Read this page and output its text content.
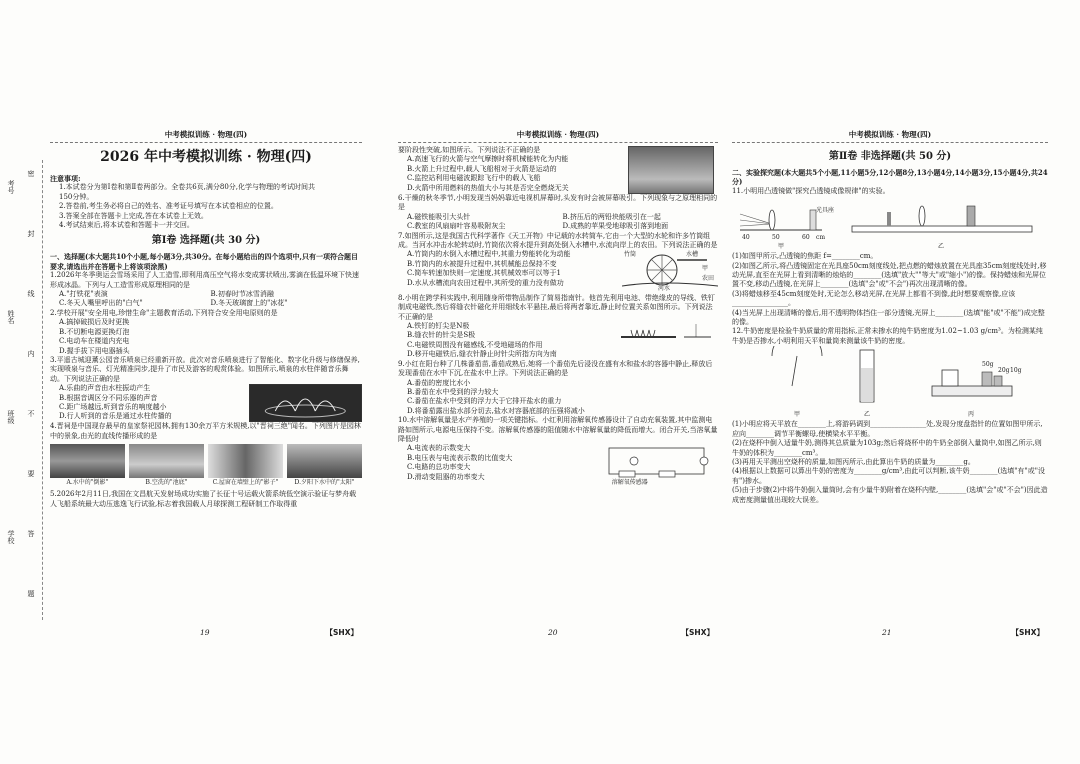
学校
班级
姓名
考号
密
封
线
内
不
要
答
题
中考模拟训练 · 物理(四)
2026 年中考模拟训练 · 物理(四)

注意事项:

1.本试卷分为第Ⅰ卷和第Ⅱ卷两部分。全卷共6页,满分80分,化学与物理的考试时间共

150分钟。

2.答卷前,考生务必将自己的姓名、准考证号填写在本试卷相应的位置。

3.答案全部在答题卡上完成,答在本试卷上无效。

4.考试结束后,将本试卷和答题卡一并交回。

第Ⅰ卷 选择题(共 30 分)

一、选择题(本大题共10个小题,每小题3分,共30分。在每小题给出的四个选项中,只有一项符合题目要求,请选出并在答题卡上将该项涂黑)

1.2026年冬季奥运会雪场采用了人工造雪,即利用高压空气将水变成雾状喷出,雾滴在低温环境下快速形成冰晶。下列与人工造雪形成原理相同的是

A."打铁花"表演	B.初春时节冰雪消融
C.冬天人嘴里呼出的"白气"	D.冬天玻璃窗上的"冰花"

2.学校开展"安全用电,珍惜生命"主题教育活动,下列符合安全用电原则的是

A.搞掉破损后及时更换
B.不切断电源更换灯泡
C.电动车在楼道内充电
D.握手拔下用电器插头

3.平遥古城迎薰公园音乐喷泉已经重新开放。此次对音乐喷泉进行了智能化、数字化升级与修缮保养,实现喷泉与音乐、灯光精准同步,提升了市民及游客的观赏体验。如图所示,喷泉的水柱伴随音乐舞动。下列说法正确的是

A.乐曲的声音由水柱振动产生
B.根据音调区分不同乐器的声音
C.距广场越远,听到音乐的响度越小
D.行人听到的音乐是通过水柱传播的

4.晋祠是中国现存最早的皇家祭祀园林,拥有130余万平方米规模,以"晋祠三绝"闻名。下列图片是园林中的景象,由光的直线传播形成的是

A.水中的"倒影"	B.空洗的"池底"	C.屋窗在墙壁上的"影子"	D.夕阳下水中的"太阳"

5.2026年2月11日,我国在文昌航天发射场成功实施了长征十号运载火箭系统低空演示验证与梦舟载人飞船系统最大动压逃逸飞行试验,标志着我国载人月球探测工程研制工作取得重

19	【SHX】
中考模拟训练 · 物理(四)

要阶段性突破,如图所示。下列说法不正确的是

A.高速飞行的火箭与空气摩擦时将机械能转化为内能

B.火箭上升过程中,载人飞船相对于火箭是运动的

C.监控站利用电磁波跟踪飞行中的载人飞船

D.火箭中所用燃料的热值大小与其是否完全燃烧无关

6.干燥的秋冬季节,小明发现当妈妈靠近电视机屏幕时,头发有时会被屏幕吸引。下列现象与之原理相同的是

A.磁铁能吸引大头针	B.挤压后的两铅块能吸引在一起
C.教室的风扇扇叶容易吸附灰尘	D.成熟的苹果受地球吸引落到地面

7.如图所示,这是我国古代科学著作《天工开物》中记载的水转简车,它由一个大型的水轮和许多竹筒组成。当河水冲击水轮转动时,竹筒依次将水提升到高处倒入水槽中,水流向岸上的农田。下列说法正确的是

A.竹筒内的水倒入水槽过程中,其重力势能转化为动能
B.竹筒内的水被提升过程中,其机械能总保持不变
C.简车转速加快则一定速度,其机械效率可以等于1
D.水从水槽流向农田过程中,其所受的重力没有做功
竹筒	水槽
甲
农田
河水

8.小明在跨学科实践中,利用随身所带物品制作了简易指南针。他首先利用电池、带绝缘皮的导线、铁钉制成电磁铁,然后将缝衣针磁化并用细线水平悬挂,最后将两者靠近,静止时位置关系如图所示。下列说法不正确的是

A.铁钉的钉尖是N极
B.缝衣针的针尖是S极
C.电磁铁周围没有磁感线,不受地磁场的作用
D.移开电磁铁后,缝衣针静止时针尖所指方向为南

9.小红在阳台种了几株番茄苗,番茄成熟后,她将一个番茄先后浸没在盛有水和盐水的容器中静止,释放后发现番茄在水中下沉,在盐水中上浮。下列说法正确的是

A.番茄的密度比水小
B.番茄在水中受到的浮力较大
C.番茄在盐水中受到的浮力大于它排开盐水的重力
D.将番茄露出盐水部分切去,盐水对容器底部的压强将减小

10.水中溶解氧量是水产养殖的一项关键指标。小红利用溶解氧传感器设计了自动充氧装置,其中监测电路如图所示,电源电压保持不变。溶解氧传感器的阻值随水中溶解氧量的降低而增大。闭合开关,当溶氧量降低时

A.电流表的示数变大
B.电压表与电流表示数的比值变大
C.电路的总功率变大
D.滑动变阻器的功率变大
溶解氧传感器
20	【SHX】
中考模拟训练 · 物理(四)
第Ⅱ卷 非选择题(共 50 分)

二、实验探究题(本大题共5个小题,11小题5分,12小题8分,13小题4分,14小题3分,15小题4分,共24分)

11.小明用凸透镜做"探究凸透镜成像规律"的实验。

光具座
40	50	60 cm
甲	乙

(1)如图甲所示,凸透镜的焦距 f=________cm。

(2)如图乙所示,将凸透镜固定在光具座50cm刻度线处,把点燃的蜡烛放置在光具座35cm刻度线处时,移动光屏,直至在光屏上看到清晰的烛焰的________(选填"放大""等大"或"缩小")的像。保持蜡烛和光屏位置不变,移动凸透镜,在光屏上________(选填"会"或"不会")再次出现清晰的像。

(3)将蜡烛移至45cm刻度处时,无论怎么移动光屏,在光屏上都看不到像,此时想要观察像,应该________________。

(4)当光屏上出现清晰的像后,用不透明物体挡住一部分透镜,光屏上________(选填"能"或"不能")成完整的像。

12.牛奶密度是检验牛奶质量的常用指标,正常未掺水的纯牛奶密度为1.02~1.03 g/cm³。为检测某纯牛奶是否掺水,小明利用天平和量筒来测量该牛奶的密度。

50g
20g 10g
甲	乙	丙

(1)小明应将天平放在________上,将游码调到________________处,发现分度盘指针的位置如图甲所示,应向________调节平衡螺母,使横梁水平平衡。

(2)在烧杯中倒入适量牛奶,测得其总质量为103g;然后将烧杯中的牛奶全部倒入量筒中,如图乙所示,则牛奶的体积为________cm³。

(3)再用天平测出空烧杯的质量,如图丙所示,由此算出牛奶的质量为________g。

(4)根据以上数据可以算出牛奶的密度为________g/cm³,由此可以判断,该牛奶________(选填"有"或"没有")掺水。

(5)由于步骤(2)中将牛奶倒入量筒时,会有少量牛奶附着在烧杯内壁,________(选填"会"或"不会")因此造成密度测量值出现较大误差。

21	【SHX】
